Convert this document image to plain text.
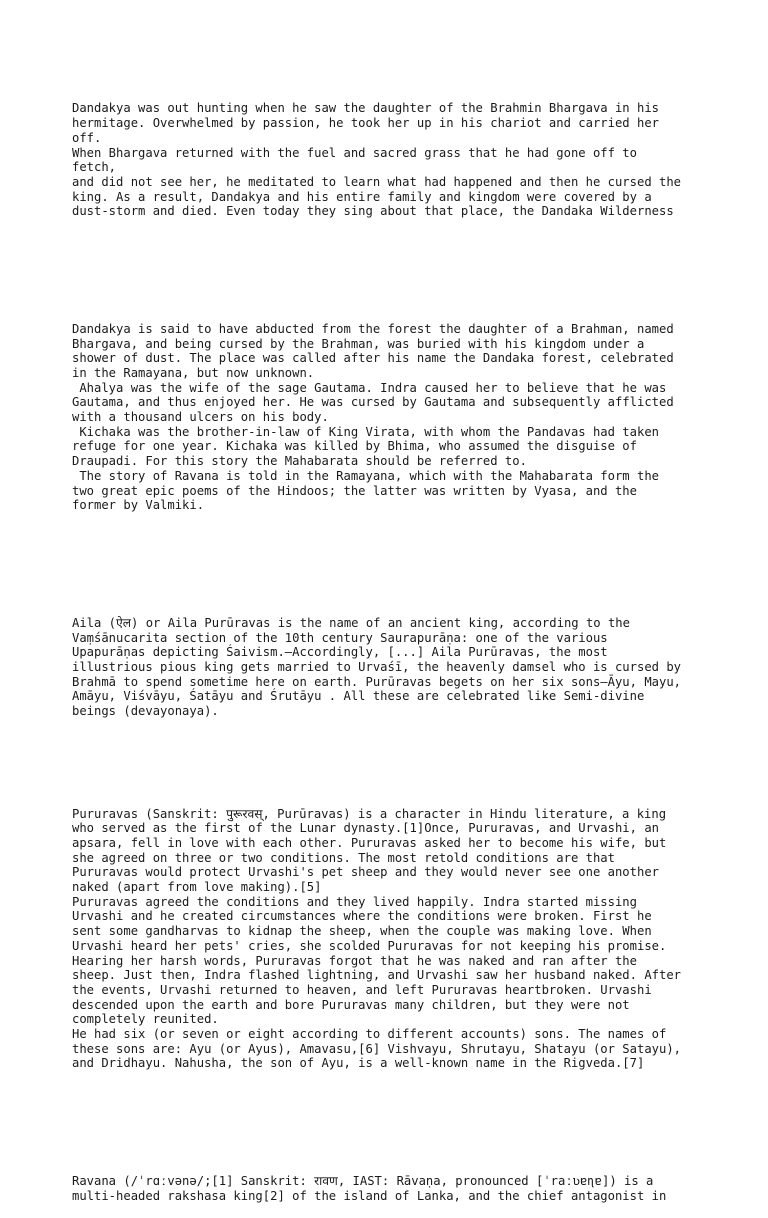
Dandakya was out hunting when he saw the daughter of the Brahmin Bhargava in his
hermitage. Overwhelmed by passion, he took her up in his chariot and carried her
off.
When Bhargava returned with the fuel and sacred grass that he had gone off to
fetch,
and did not see her, he meditated to learn what had happened and then he cursed the
king. As a result, Dandakya and his entire family and kingdom were covered by a
dust-storm and died. Even today they sing about that place, the Dandaka Wilderness

Dandakya is said to have abducted from the forest the daughter of a Brahman, named
Bhargava, and being cursed by the Brahman, was buried with his kingdom under a
shower of dust. The place was called after his name the Dandaka forest, celebrated
in the Ramayana, but now unknown.
Ahalya was the wife of the sage Gautama. Indra caused her to believe that he was
Gautama, and thus enjoyed her. He was cursed by Gautama and subsequently afflicted
with a thousand ulcers on his body.
Kichaka was the brother-in-law of King Virata, with whom the Pandavas had taken
refuge for one year. Kichaka was killed by Bhima, who assumed the disguise of
Draupadi. For this story the Mahabarata should be referred to.
The story of Ravana is told in the Ramayana, which with the Mahabarata form the
two great epic poems of the Hindoos; the latter was written by Vyasa, and the
former by Valmiki.

Aila (ऐल) or Aila Purūravas is the name of an ancient king, according to the
Vaṃśānucarita section of the 10th century Saurapurāṇa: one of the various
Upapurāṇas depicting Śaivism.—Accordingly, [...] Aila Purūravas, the most
illustrious pious king gets married to Urvaśī, the heavenly damsel who is cursed by
Brahmā to spend sometime here on earth. Purūravas begets on her six sons—Āyu, Mayu,
Amāyu, Viśvāyu, Śatāyu and Śrutāyu . All these are celebrated like Semi-divine
beings (devayonaya).

Pururavas (Sanskrit: पुरूरवस्, Purūravas) is a character in Hindu literature, a king
who served as the first of the Lunar dynasty.[1]Once, Pururavas, and Urvashi, an
apsara, fell in love with each other. Pururavas asked her to become his wife, but
she agreed on three or two conditions. The most retold conditions are that
Pururavas would protect Urvashi's pet sheep and they would never see one another
naked (apart from love making).[5]
Pururavas agreed the conditions and they lived happily. Indra started missing
Urvashi and he created circumstances where the conditions were broken. First he
sent some gandharvas to kidnap the sheep, when the couple was making love. When
Urvashi heard her pets' cries, she scolded Pururavas for not keeping his promise.
Hearing her harsh words, Pururavas forgot that he was naked and ran after the
sheep. Just then, Indra flashed lightning, and Urvashi saw her husband naked. After
the events, Urvashi returned to heaven, and left Pururavas heartbroken. Urvashi
descended upon the earth and bore Pururavas many children, but they were not
completely reunited.
He had six (or seven or eight according to different accounts) sons. The names of
these sons are: Ayu (or Ayus), Amavasu,[6] Vishvayu, Shrutayu, Shatayu (or Satayu),
and Dridhayu. Nahusha, the son of Ayu, is a well-known name in the Rigveda.[7]

Ravana (/ˈrɑːvənə/;[1] Sanskrit: रावण, IAST: Rāvaṇa, pronounced [ˈraːʋɐɳɐ]) is a
multi-headed rakshasa king[2] of the island of Lanka, and the chief antagonist in
